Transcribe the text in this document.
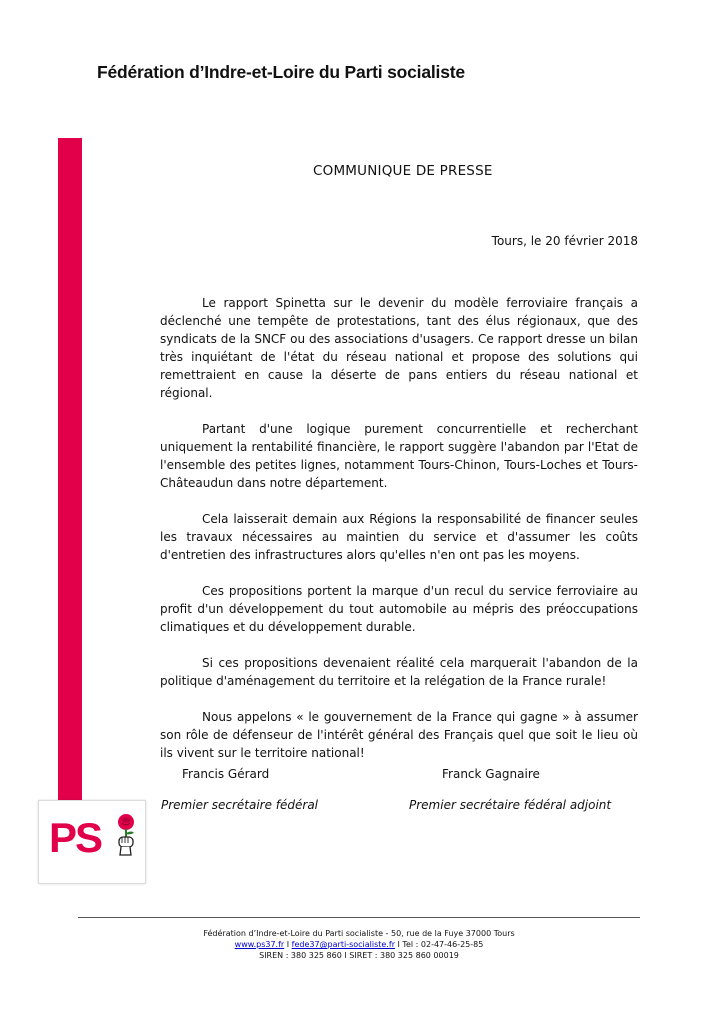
Fédération d’Indre-et-Loire du Parti socialiste
COMMUNIQUE DE PRESSE
Tours, le 20 février 2018

Le rapport Spinetta sur le devenir du modèle ferroviaire français a déclenché une tempête de protestations, tant des élus régionaux, que des syndicats de la SNCF ou des associations d'usagers. Ce rapport dresse un bilan très inquiétant de l'état du réseau national et propose des solutions qui remettraient en cause la déserte de pans entiers du réseau national et régional.

Partant d'une logique purement concurrentielle et recherchant uniquement la rentabilité financière, le rapport suggère l'abandon par l'Etat de l'ensemble des petites lignes, notamment Tours-Chinon, Tours-Loches et Tours-Châteaudun dans notre département.

Cela laisserait demain aux Régions la responsabilité de financer seules les travaux nécessaires au maintien du service et d'assumer les coûts d'entretien des infrastructures alors qu'elles n'en ont pas les moyens.

Ces propositions portent la marque d'un recul du service ferroviaire au profit d'un développement du tout automobile au mépris des préoccupations climatiques et du développement durable.

Si ces propositions devenaient réalité cela marquerait l'abandon de la politique d'aménagement du territoire et la relégation de la France rurale!

Nous appelons « le gouvernement de la France qui gagne » à assumer son rôle de défenseur de l'intérêt général des Français quel que soit le lieu où ils vivent sur le territoire national!

Francis Gérard
Premier secrétaire fédéral
Franck Gagnaire
Premier secrétaire fédéral adjoint
PS
Fédération d’Indre-et-Loire du Parti socialiste - 50, rue de la Fuye 37000 Tours
www.ps37.fr I fede37@parti-socialiste.fr I Tel : 02-47-46-25-85
SIREN : 380 325 860 I SIRET : 380 325 860 00019
